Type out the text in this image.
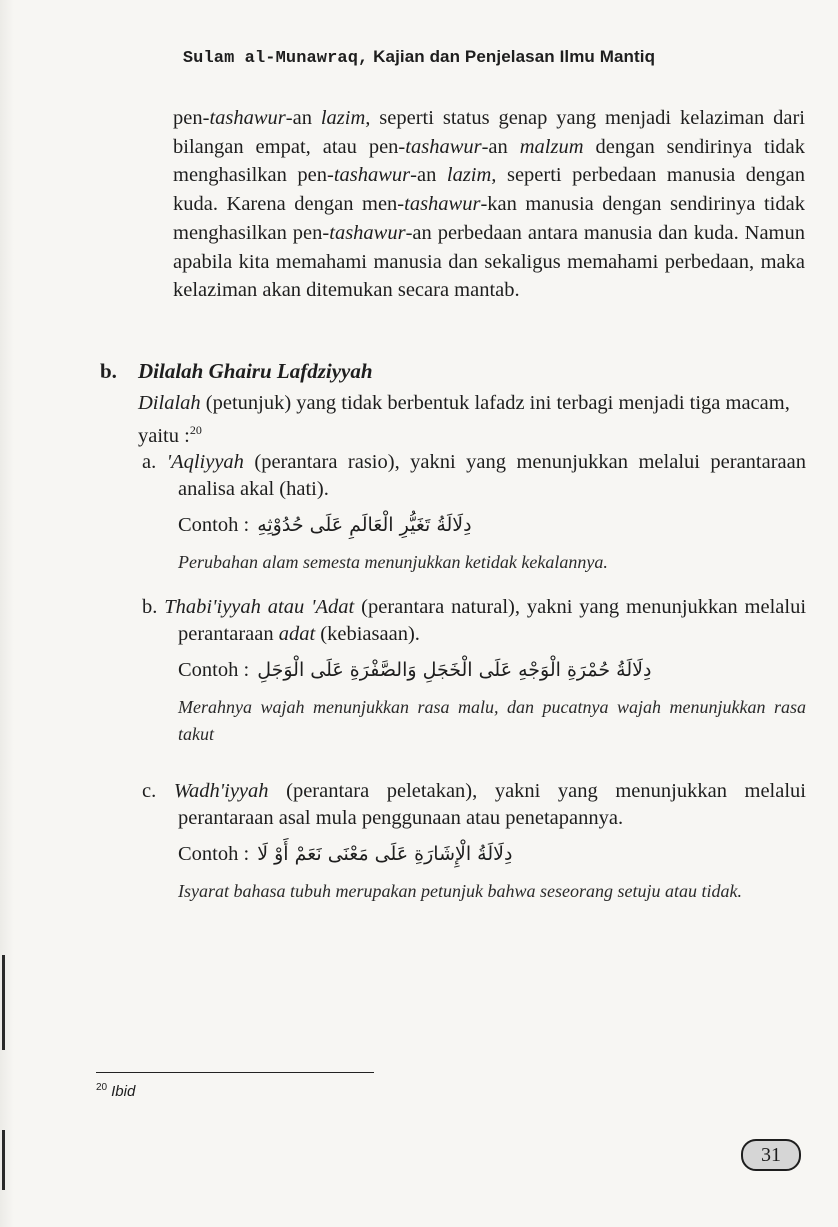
Sulam al-Munawraq, Kajian dan Penjelasan Ilmu Mantiq

pen-tashawur-an lazim, seperti status genap yang menjadi kelaziman dari bilangan empat, atau pen-tashawur-an malzum dengan sendirinya tidak menghasilkan pen-tashawur-an lazim, seperti perbedaan manusia dengan kuda. Karena dengan men-tashawur-kan manusia dengan sendirinya tidak menghasilkan pen-tashawur-an perbedaan antara manusia dan kuda. Namun apabila kita memahami manusia dan sekaligus memahami perbedaan, maka kelaziman akan ditemukan secara mantab.

b. Dilalah Ghairu Lafdziyyah

Dilalah (petunjuk) yang tidak berbentuk lafadz ini terbagi menjadi tiga macam, yaitu :$^{20}$

a. 'Aqliyyah (perantara rasio), yakni yang menunjukkan melalui perantaraan analisa akal (hati).

Contoh : دِلَالَةُ تَغَيُّرِ الْعَالَمِ عَلَى حُدُوْثِهِ

Perubahan alam semesta menunjukkan ketidak kekalannya.

b. Thabi'iyyah atau 'Adat (perantara natural), yakni yang menunjukkan melalui perantaraan adat (kebiasaan).

Contoh : دِلَالَةُ حُمْرَةِ الْوَجْهِ عَلَى الْخَجَلِ وَالصَّفْرَةِ عَلَى الْوَجَلِ

Merahnya wajah menunjukkan rasa malu, dan pucatnya wajah menunjukkan rasa takut

c. Wadh'iyyah (perantara peletakan), yakni yang menunjukkan melalui perantaraan asal mula penggunaan atau penetapannya.

Contoh : دِلَالَةُ الْإِشَارَةِ عَلَى مَعْنَى نَعَمْ أَوْ لَا

Isyarat bahasa tubuh merupakan petunjuk bahwa seseorang setuju atau tidak.

$^{20}$ Ibid
31
